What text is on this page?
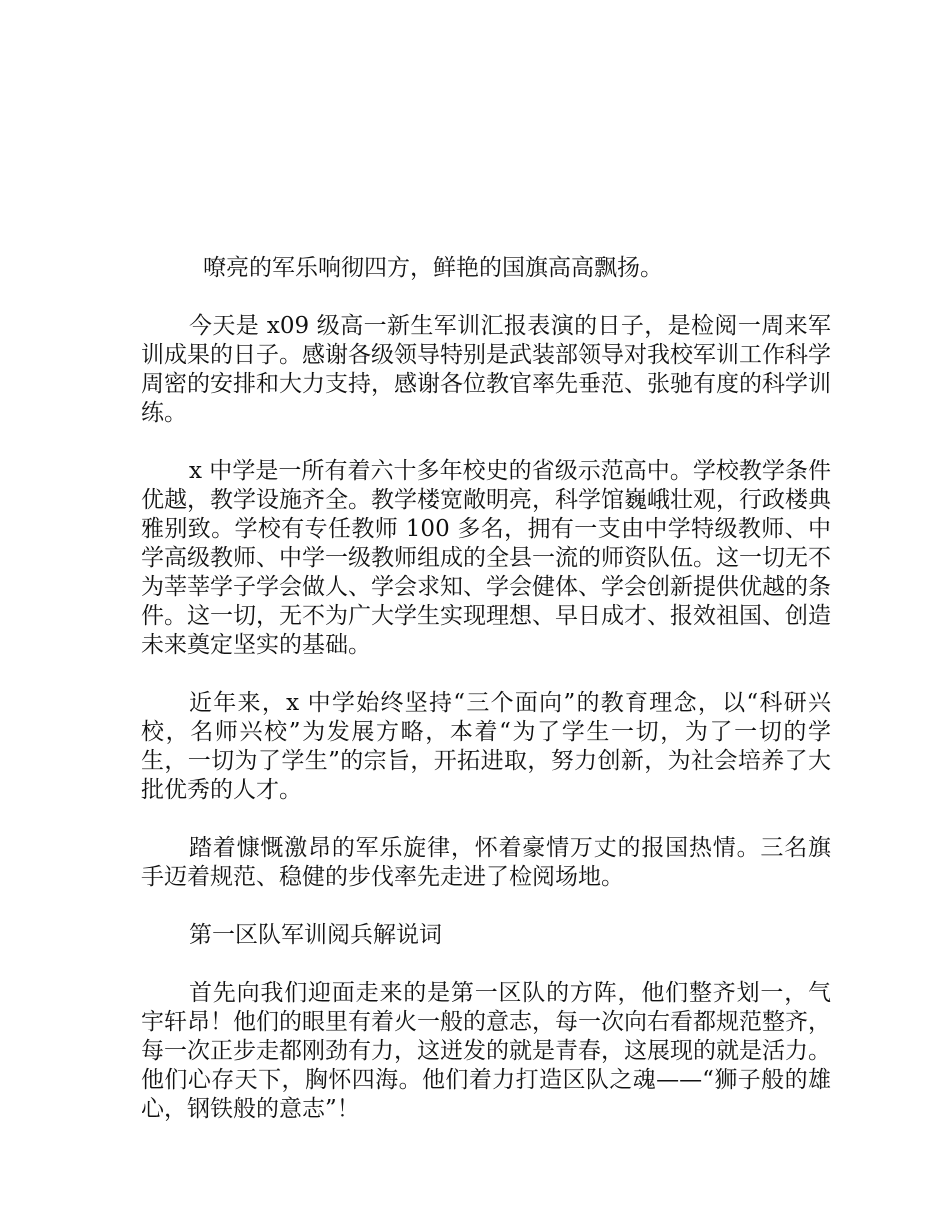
嘹亮的军乐响彻四方，鲜艳的国旗高高飘扬。

今天是 x09 级高一新生军训汇报表演的日子，是检阅一周来军训成果的日子。感谢各级领导特别是武装部领导对我校军训工作科学周密的安排和大力支持，感谢各位教官率先垂范、张驰有度的科学训练。

x 中学是一所有着六十多年校史的省级示范高中。学校教学条件优越，教学设施齐全。教学楼宽敞明亮，科学馆巍峨壮观，行政楼典雅别致。学校有专任教师 100 多名，拥有一支由中学特级教师、中学高级教师、中学一级教师组成的全县一流的师资队伍。这一切无不为莘莘学子学会做人、学会求知、学会健体、学会创新提供优越的条件。这一切，无不为广大学生实现理想、早日成才、报效祖国、创造未来奠定坚实的基础。

近年来，x 中学始终坚持“三个面向”的教育理念，以“科研兴校，名师兴校”为发展方略，本着“为了学生一切，为了一切的学生，一切为了学生”的宗旨，开拓进取，努力创新，为社会培养了大批优秀的人才。

踏着慷慨激昂的军乐旋律，怀着豪情万丈的报国热情。三名旗手迈着规范、稳健的步伐率先走进了检阅场地。

第一区队军训阅兵解说词

首先向我们迎面走来的是第一区队的方阵，他们整齐划一，气宇轩昂！他们的眼里有着火一般的意志，每一次向右看都规范整齐，每一次正步走都刚劲有力，这迸发的就是青春，这展现的就是活力。他们心存天下，胸怀四海。他们着力打造区队之魂——“狮子般的雄心，钢铁般的意志”！
